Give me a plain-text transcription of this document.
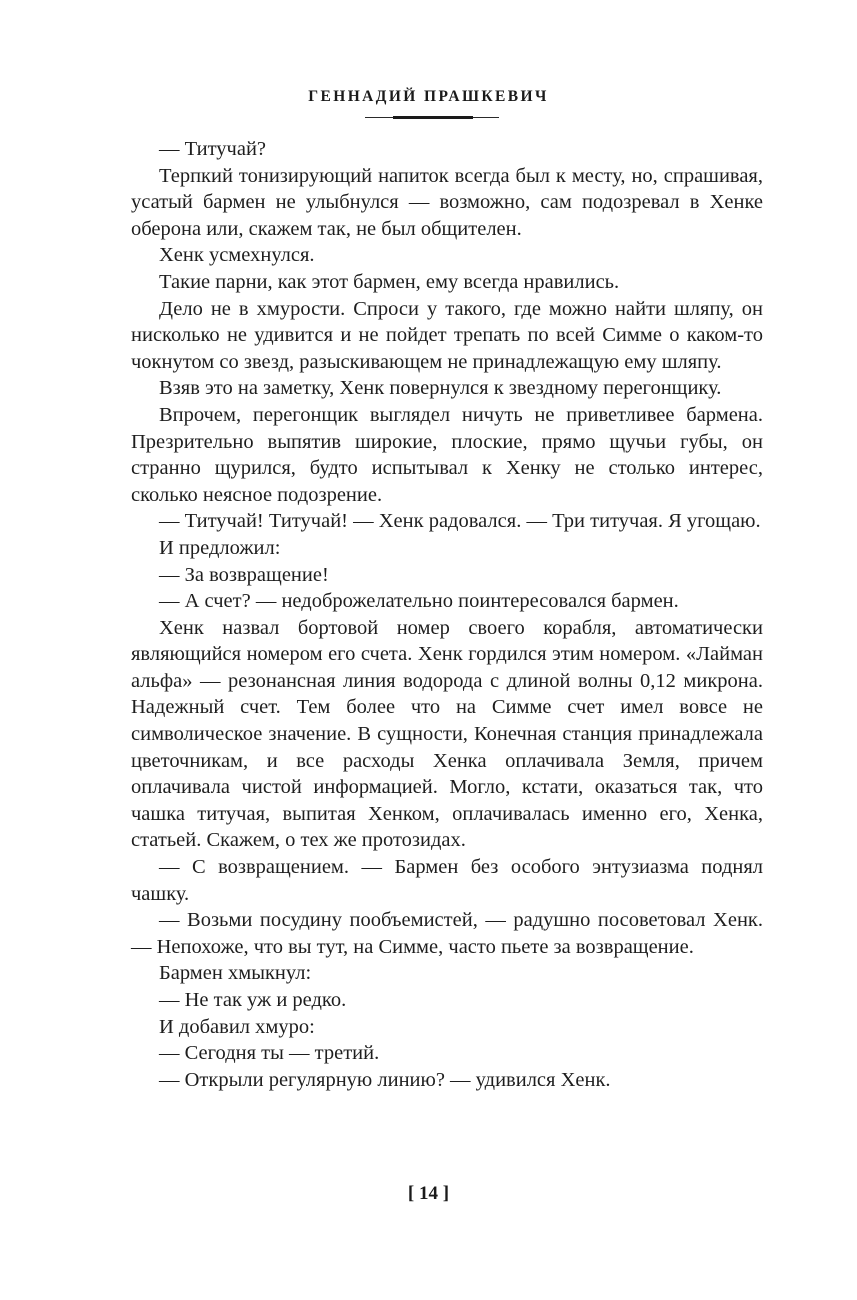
ГЕННАДИЙ ПРАШКЕВИЧ

— Титучай?

Терпкий тонизирующий напиток всегда был к месту, но, спрашивая, усатый бармен не улыбнулся — возможно, сам подозревал в Хенке оберона или, скажем так, не был общителен.

Хенк усмехнулся.

Такие парни, как этот бармен, ему всегда нравились.

Дело не в хмурости. Спроси у такого, где можно найти шляпу, он нисколько не удивится и не пойдет трепать по всей Симме о каком-то чокнутом со звезд, разыскивающем не принадлежащую ему шляпу.

Взяв это на заметку, Хенк повернулся к звездному перегонщику.

Впрочем, перегонщик выглядел ничуть не приветливее бармена. Презрительно выпятив широкие, плоские, прямо щучьи губы, он странно щурился, будто испытывал к Хенку не столько интерес, сколько неясное подозрение.

— Титучай! Титучай! — Хенк радовался. — Три титучая. Я угощаю.

И предложил:

— За возвращение!

— А счет? — недоброжелательно поинтересовался бармен.

Хенк назвал бортовой номер своего корабля, автоматически являющийся номером его счета. Хенк гордился этим номером. «Лайман альфа» — резонансная линия водорода с длиной волны 0,12 микрона. Надежный счет. Тем более что на Симме счет имел вовсе не символическое значение. В сущности, Конечная станция принадлежала цветочникам, и все расходы Хенка оплачивала Земля, причем оплачивала чистой информацией. Могло, кстати, оказаться так, что чашка титучая, выпитая Хенком, оплачивалась именно его, Хенка, статьей. Скажем, о тех же протозидах.

— С возвращением. — Бармен без особого энтузиазма поднял чашку.

— Возьми посудину пообъемистей, — радушно посоветовал Хенк. — Непохоже, что вы тут, на Симме, часто пьете за возвращение.

Бармен хмыкнул:

— Не так уж и редко.

И добавил хмуро:

— Сегодня ты — третий.

— Открыли регулярную линию? — удивился Хенк.

[ 14 ]
